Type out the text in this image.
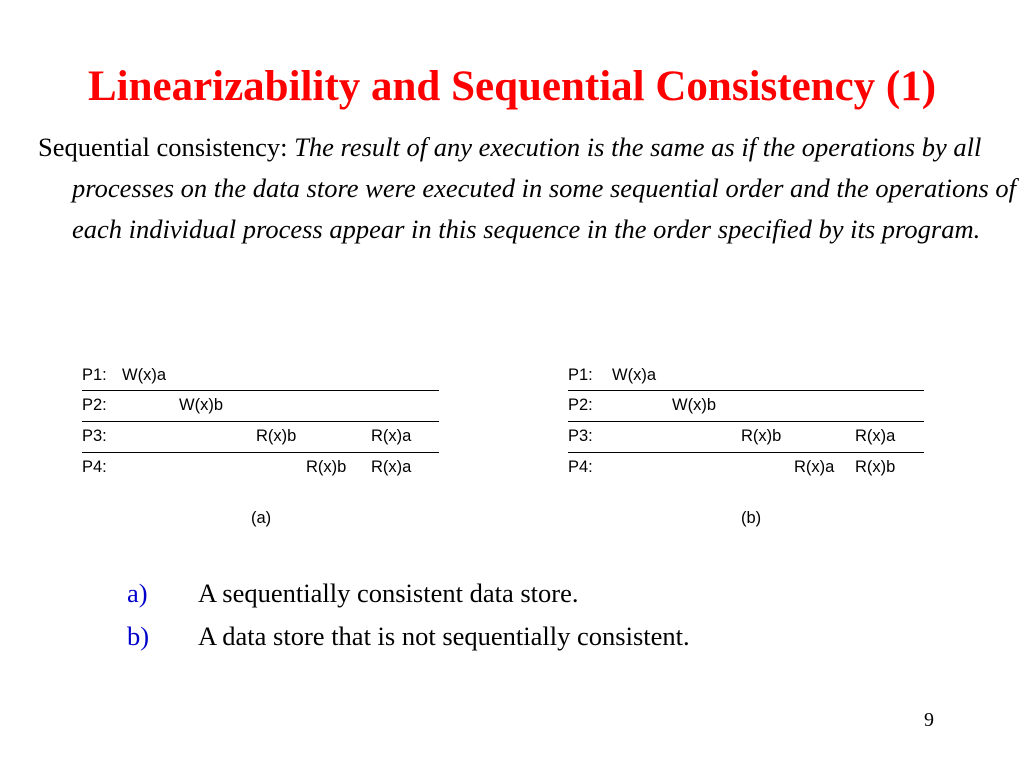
Linearizability and Sequential Consistency (1)
Sequential consistency: The result of any execution is the same as if the operations by all processes on the data store were executed in some sequential order and the operations of each individual process appear in this sequence in the order specified by its program.
P1: W(x)a
P2:	W(x)b
P3:	R(x)b	R(x)a
P4:	R(x)b R(x)a
(a)
P1: W(x)a
P2:	W(x)b
P3:	R(x)b	R(x)a
P4:	R(x)a R(x)b
(b)
a) A sequentially consistent data store.
b) A data store that is not sequentially consistent.
9
